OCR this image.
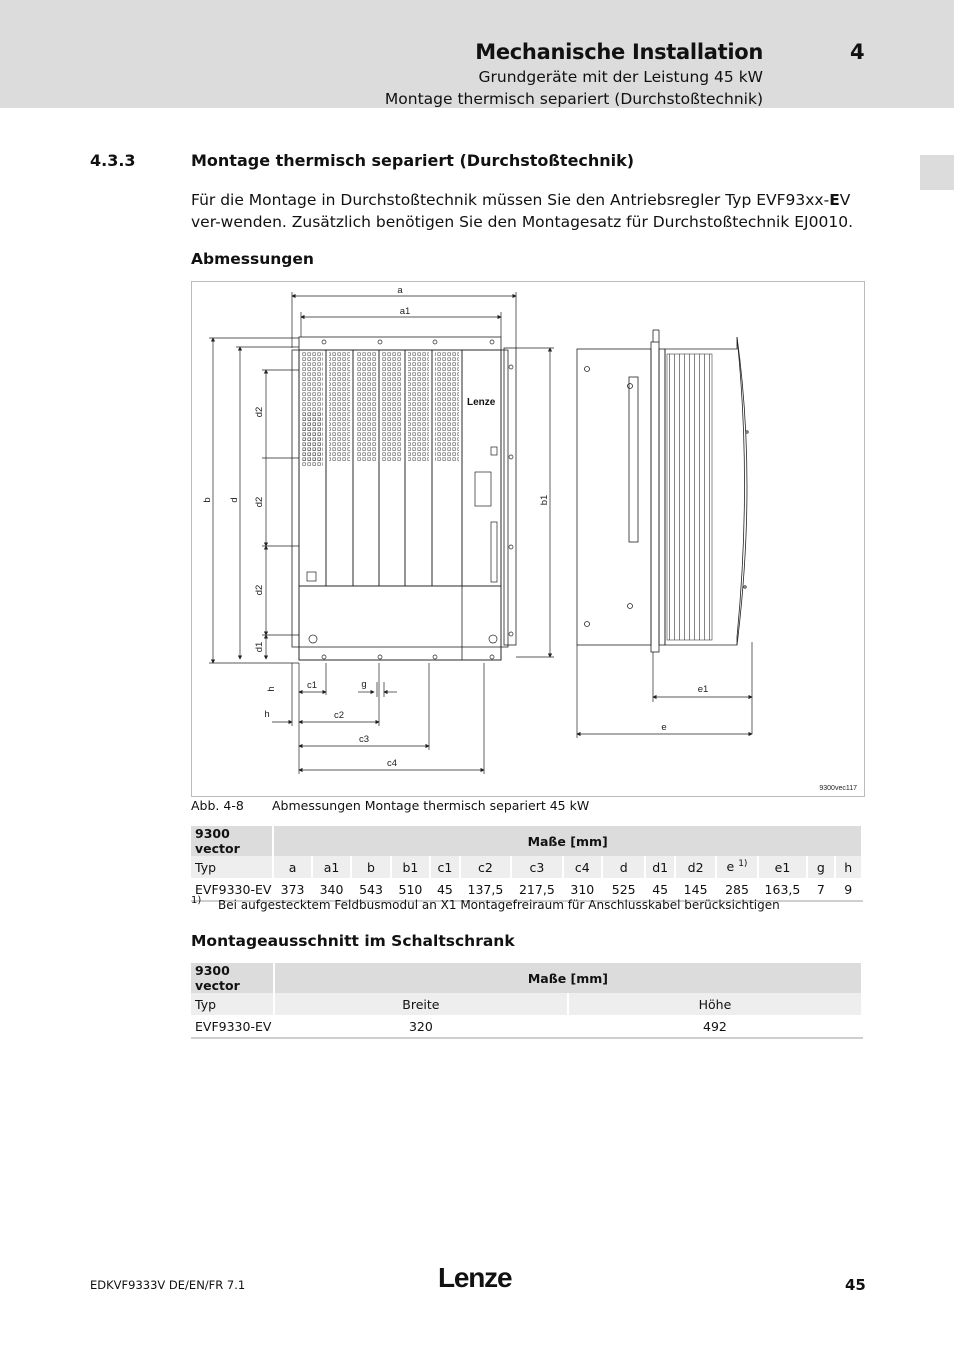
Mechanische Installation	4
Grundgeräte mit der Leistung 45 kW
Montage thermisch separiert (Durchstoßtechnik)
4.3.3	Montage thermisch separiert (Durchstoßtechnik)
Für die Montage in Durchstoßtechnik müssen Sie den Antriebsregler Typ EVF93xx-EV ver-wenden. Zusätzlich benötigen Sie den Montagesatz für Durchstoßtechnik EJ0010.
Abmessungen
Lenze
a
a1
b d
d2
d2
d2
d1
b1
h	c1	g
h	c2
c3
c4
e1
e
9300vec117
Abb. 4-8 Abmessungen Montage thermisch separiert 45 kW
9300 vector	Maße [mm]														
Typ	a	a1	b	b1	c1	c2	c3	c4	d	d1	d2	e $^{1)}$	e1	g	h
EVF9330-EV	373	340	543	510	45	137,5	217,5	310	525	45	145	285	163,5	7	9
1) Bei aufgestecktem Feldbusmodul an X1 Montagefreiraum für Anschlusskabel berücksichtigen
Montageausschnitt im Schaltschrank
9300 vector	Maße [mm]	
Typ	Breite	Höhe
EVF9330-EV	320	492
EDKVF9333V DE/EN/FR 7.1	Lenze	45
